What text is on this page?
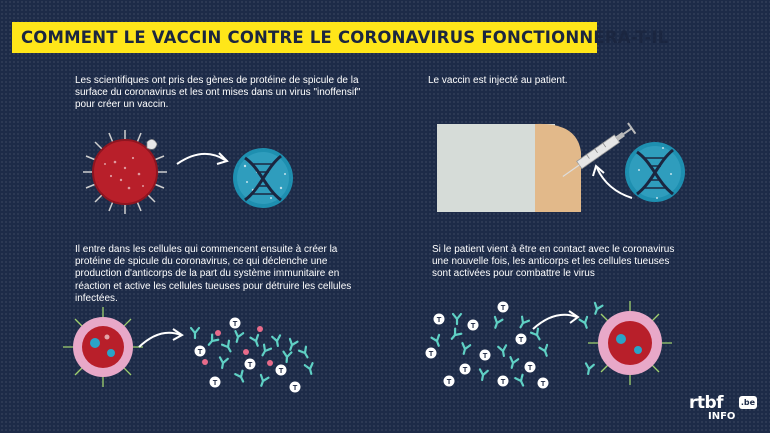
COMMENT LE VACCIN CONTRE LE CORONAVIRUS FONCTIONNERA-T-IL
Les scientifiques ont pris des gènes de protéine de spicule de la surface du coronavirus et les ont mises dans un virus "inoffensif" pour créer un vaccin.
Le vaccin est injecté au patient.
Il entre dans les cellules qui commencent ensuite à créer la protéine de spicule du coronavirus, ce qui déclenche une production d'anticorps de la part du système immunitaire en réaction et active les cellules tueuses pour détruire les cellules infectées.
Si le patient vient à être en contact avec le coronavirus une nouvelle fois, les anticorps et les cellules tueuses sont activées pour combattre le virus
T
T
T
T
T
T
T
T
T
T
T
T
T
T
T
T
T
rtbf .be
INFO
